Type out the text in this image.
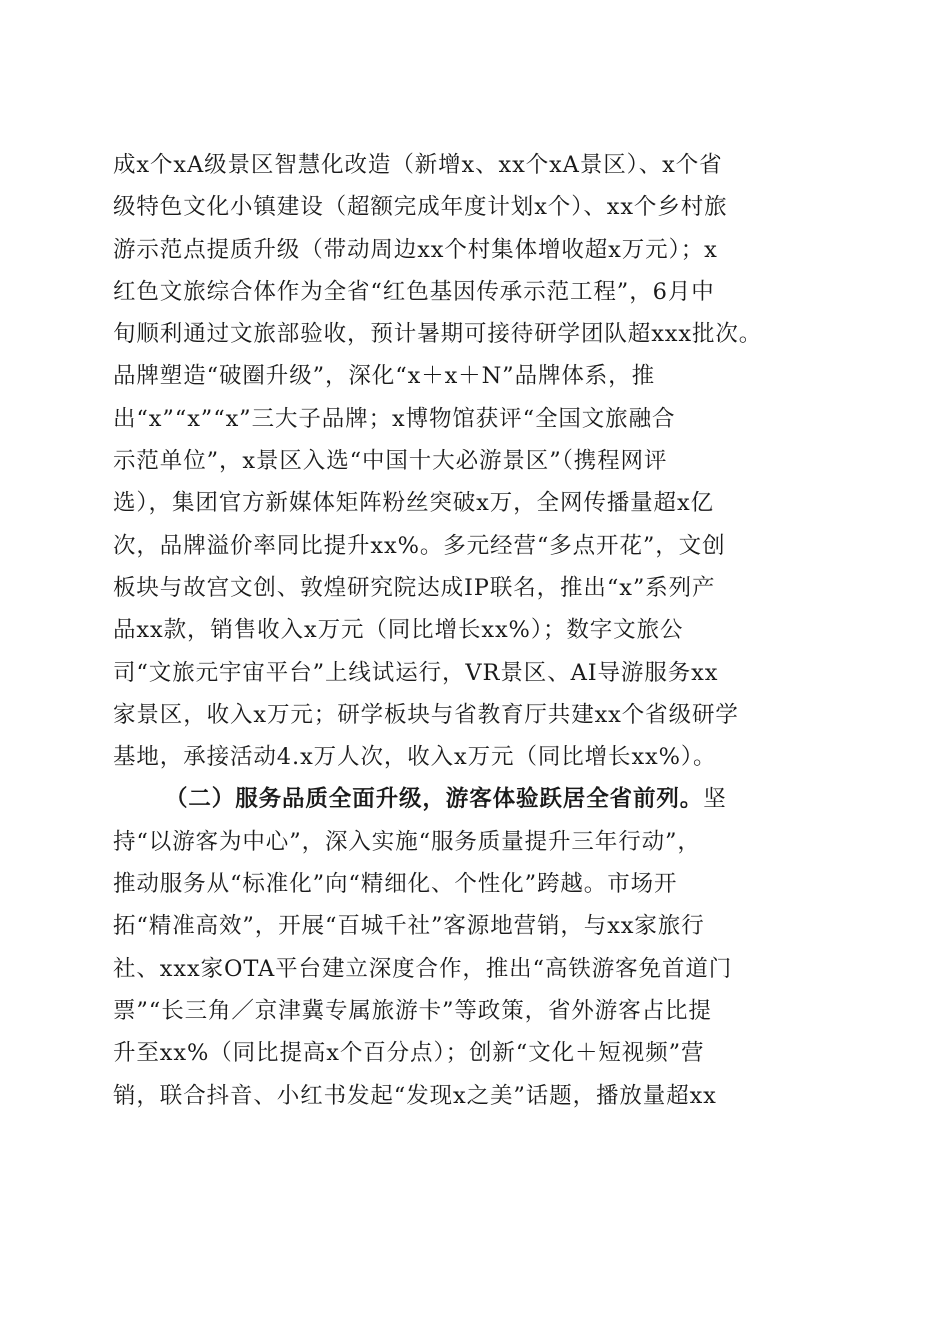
成x个xA级景区智慧化改造（新增x、xx个xA景区）、x个省
级特色文化小镇建设（超额完成年度计划x个）、xx个乡村旅
游示范点提质升级（带动周边xx个村集体增收超x万元）；x
红色文旅综合体作为全省“红色基因传承示范工程”，6月中
旬顺利通过文旅部验收，预计暑期可接待研学团队超xxx批次。
品牌塑造“破圈升级”，深化“x＋x＋N”品牌体系，推
出“x”“x”“x”三大子品牌；x博物馆获评“全国文旅融合
示范单位”，x景区入选“中国十大必游景区”（携程网评
选），集团官方新媒体矩阵粉丝突破x万，全网传播量超x亿
次，品牌溢价率同比提升xx%。多元经营“多点开花”，文创
板块与故宫文创、敦煌研究院达成IP联名，推出“x”系列产
品xx款，销售收入x万元（同比增长xx%）；数字文旅公
司“文旅元宇宙平台”上线试运行，VR景区、AI导游服务xx
家景区，收入x万元；研学板块与省教育厅共建xx个省级研学
基地，承接活动4.x万人次，收入x万元（同比增长xx%）。
（二）服务品质全面升级，游客体验跃居全省前列。坚
持“以游客为中心”，深入实施“服务质量提升三年行动”，
推动服务从“标准化”向“精细化、个性化”跨越。市场开
拓“精准高效”，开展“百城千社”客源地营销，与xx家旅行
社、xxx家OTA平台建立深度合作，推出“高铁游客免首道门
票”“长三角／京津冀专属旅游卡”等政策，省外游客占比提
升至xx%（同比提高x个百分点）；创新“文化＋短视频”营
销，联合抖音、小红书发起“发现x之美”话题，播放量超xx
